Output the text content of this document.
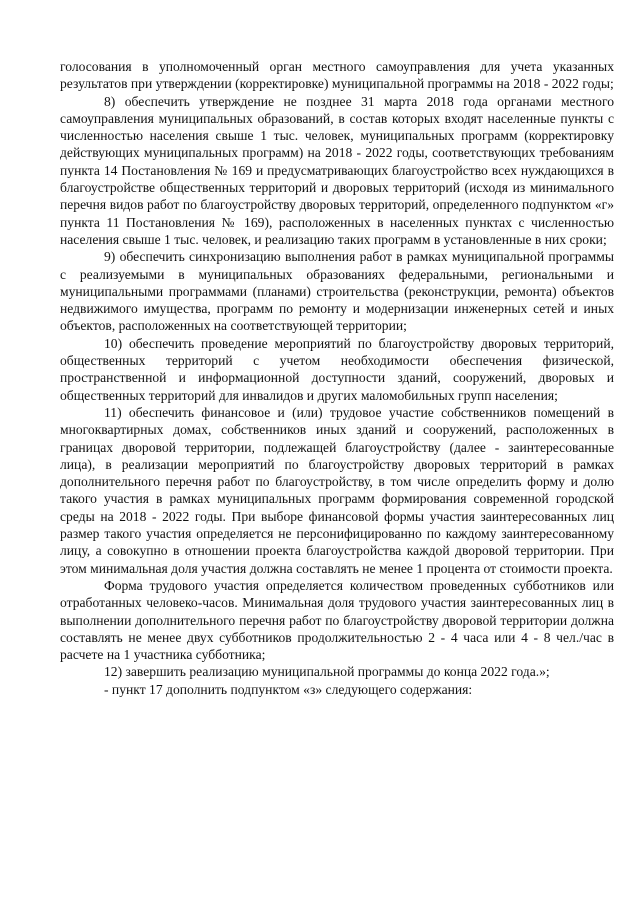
голосования в уполномоченный орган местного самоуправления для учета указанных результатов при утверждении (корректировке) муниципальной программы на 2018 - 2022 годы;

8) обеспечить утверждение не позднее 31 марта 2018 года органами местного самоуправления муниципальных образований, в состав которых входят населенные пункты с численностью населения свыше 1 тыс. человек, муниципальных программ (корректировку действующих муниципальных программ) на 2018 - 2022 годы, соответствующих требованиям пункта 14 Постановления № 169 и предусматривающих благоустройство всех нуждающихся в благоустройстве общественных территорий и дворовых территорий (исходя из минимального перечня видов работ по благоустройству дворовых территорий, определенного подпунктом «г» пункта 11 Постановления № 169), расположенных в населенных пунктах с численностью населения свыше 1 тыс. человек, и реализацию таких программ в установленные в них сроки;

9) обеспечить синхронизацию выполнения работ в рамках муниципальной программы с реализуемыми в муниципальных образованиях федеральными, региональными и муниципальными программами (планами) строительства (реконструкции, ремонта) объектов недвижимого имущества, программ по ремонту и модернизации инженерных сетей и иных объектов, расположенных на соответствующей территории;

10) обеспечить проведение мероприятий по благоустройству дворовых территорий, общественных территорий с учетом необходимости обеспечения физической, пространственной и информационной доступности зданий, сооружений, дворовых и общественных территорий для инвалидов и других маломобильных групп населения;

11) обеспечить финансовое и (или) трудовое участие собственников помещений в многоквартирных домах, собственников иных зданий и сооружений, расположенных в границах дворовой территории, подлежащей благоустройству (далее - заинтересованные лица), в реализации мероприятий по благоустройству дворовых территорий в рамках дополнительного перечня работ по благоустройству, в том числе определить форму и долю такого участия в рамках муниципальных программ формирования современной городской среды на 2018 - 2022 годы. При выборе финансовой формы участия заинтересованных лиц размер такого участия определяется не персонифицированно по каждому заинтересованному лицу, а совокупно в отношении проекта благоустройства каждой дворовой территории. При этом минимальная доля участия должна составлять не менее 1 процента от стоимости проекта.

Форма трудового участия определяется количеством проведенных субботников или отработанных человеко-часов. Минимальная доля трудового участия заинтересованных лиц в выполнении дополнительного перечня работ по благоустройству дворовой территории должна составлять не менее двух субботников продолжительностью 2 - 4 часа или 4 - 8 чел./час в расчете на 1 участника субботника;

12) завершить реализацию муниципальной программы до конца 2022 года.»;

- пункт 17 дополнить подпунктом «з» следующего содержания:
